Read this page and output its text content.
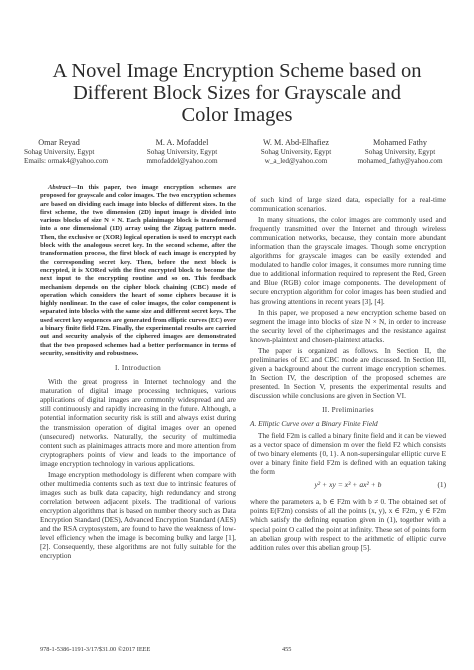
A Novel Image Encryption Scheme based on
Different Block Sizes for Grayscale and
Color Images
Omar Reyad
Sohag University, Egypt
Emails: ormak4@yahoo.com
M. A. Mofaddel
Sohag University, Egypt
mmofaddel@yahoo.com
W. M. Abd-Elhafiez
Sohag University, Egypt
w_a_led@yahoo.com
Mohamed Fathy
Sohag University, Egypt
mohamed_fathy@yahoo.com
Abstract—In this paper, two image encryption schemes are proposed for grayscale and color images. The two encryption schemes are based on dividing each image into blocks of different sizes. In the first scheme, the two dimension (2D) input image is divided into various blocks of size N × N. Each plainimage block is transformed into a one dimensional (1D) array using the Zigzag pattern mode. Then, the exclusive or (XOR) logical operation is used to encrypt each block with the analogous secret key. In the second scheme, after the transformation process, the first block of each image is encrypted by the corresponding secret key. Then, before the next block is encrypted, it is XORed with the first encrypted block to become the next input to the encrypting routine and so on. This feedback mechanism depends on the cipher block chaining (CBC) mode of operation which considers the heart of some ciphers because it is highly nonlinear. In the case of color images, the color component is separated into blocks with the same size and different secret keys. The used secret key sequences are generated from elliptic curves (EC) over a binary finite field F2m. Finally, the experimental results are carried out and security analysis of the ciphered images are demonstrated that the two proposed schemes had a better performance in terms of security, sensitivity and robustness.
I. Introduction

With the great progress in Internet technology and the maturation of digital image processing techniques, various applications of digital images are commonly widespread and are still continuously and rapidly increasing in the future. Although, a potential information security risk is still and always exist during the transmission operation of digital images over an opened (unsecured) networks. Naturally, the security of multimedia content such as plainimages attracts more and more attention from cryptographers points of view and leads to the importance of image encryption technology in various applications.

Image encryption methodology is different when compare with other multimedia contents such as text due to intrinsic features of images such as bulk data capacity, high redundancy and strong correlation between adjacent pixels. The traditional of various encryption algorithms that is based on number theory such as Data Encryption Standard (DES), Advanced Encryption Standard (AES) and the RSA cryptosystem, are found to have the weakness of low-level efficiency when the image is becoming bulky and large [1], [2]. Consequently, these algorithms are not fully suitable for the encryption

of such kind of large sized data, especially for a real-time communication scenarios.

In many situations, the color images are commonly used and frequently transmitted over the Internet and through wireless communication networks, because, they contain more abundant information than the grayscale images. Though some encryption algorithms for grayscale images can be easily extended and modulated to handle color images, it consumes more running time due to additional information required to represent the Red, Green and Blue (RGB) color image components. The development of secure encryption algorithm for color images has been studied and has growing attentions in recent years [3], [4].

In this paper, we proposed a new encryption scheme based on segment the image into blocks of size N × N, in order to increase the security level of the cipherimages and the resistance against known-plaintext and chosen-plaintext attacks.

The paper is organized as follows. In Section II, the preliminaries of EC and CBC mode are discussed. In Section III, given a background about the current image encryption schemes. In Section IV, the description of the proposed schemes are presented. In Section V, presents the experimental results and discussion while conclusions are given in Section VI.

II. Preliminaries
A. Elliptic Curve over a Binary Finite Field

The field F2m is called a binary finite field and it can be viewed as a vector space of dimension m over the field F2 which consists of two binary elements {0, 1}. A non-supersingular elliptic curve E over a binary finite field F2m is defined with an equation taking the form

y² + xy = x³ + ax² + b	(1)

where the parameters a, b ∈ F2m with b ≠ 0. The obtained set of points E(F2m) consists of all the points (x, y), x ∈ F2m, y ∈ F2m which satisfy the defining equation given in (1), together with a special point O called the point at infinity. These set of points form an abelian group with respect to the arithmetic of elliptic curve addition rules over this abelian group [5].

978-1-5386-1191-3/17/$31.00 ©2017 IEEE	455
